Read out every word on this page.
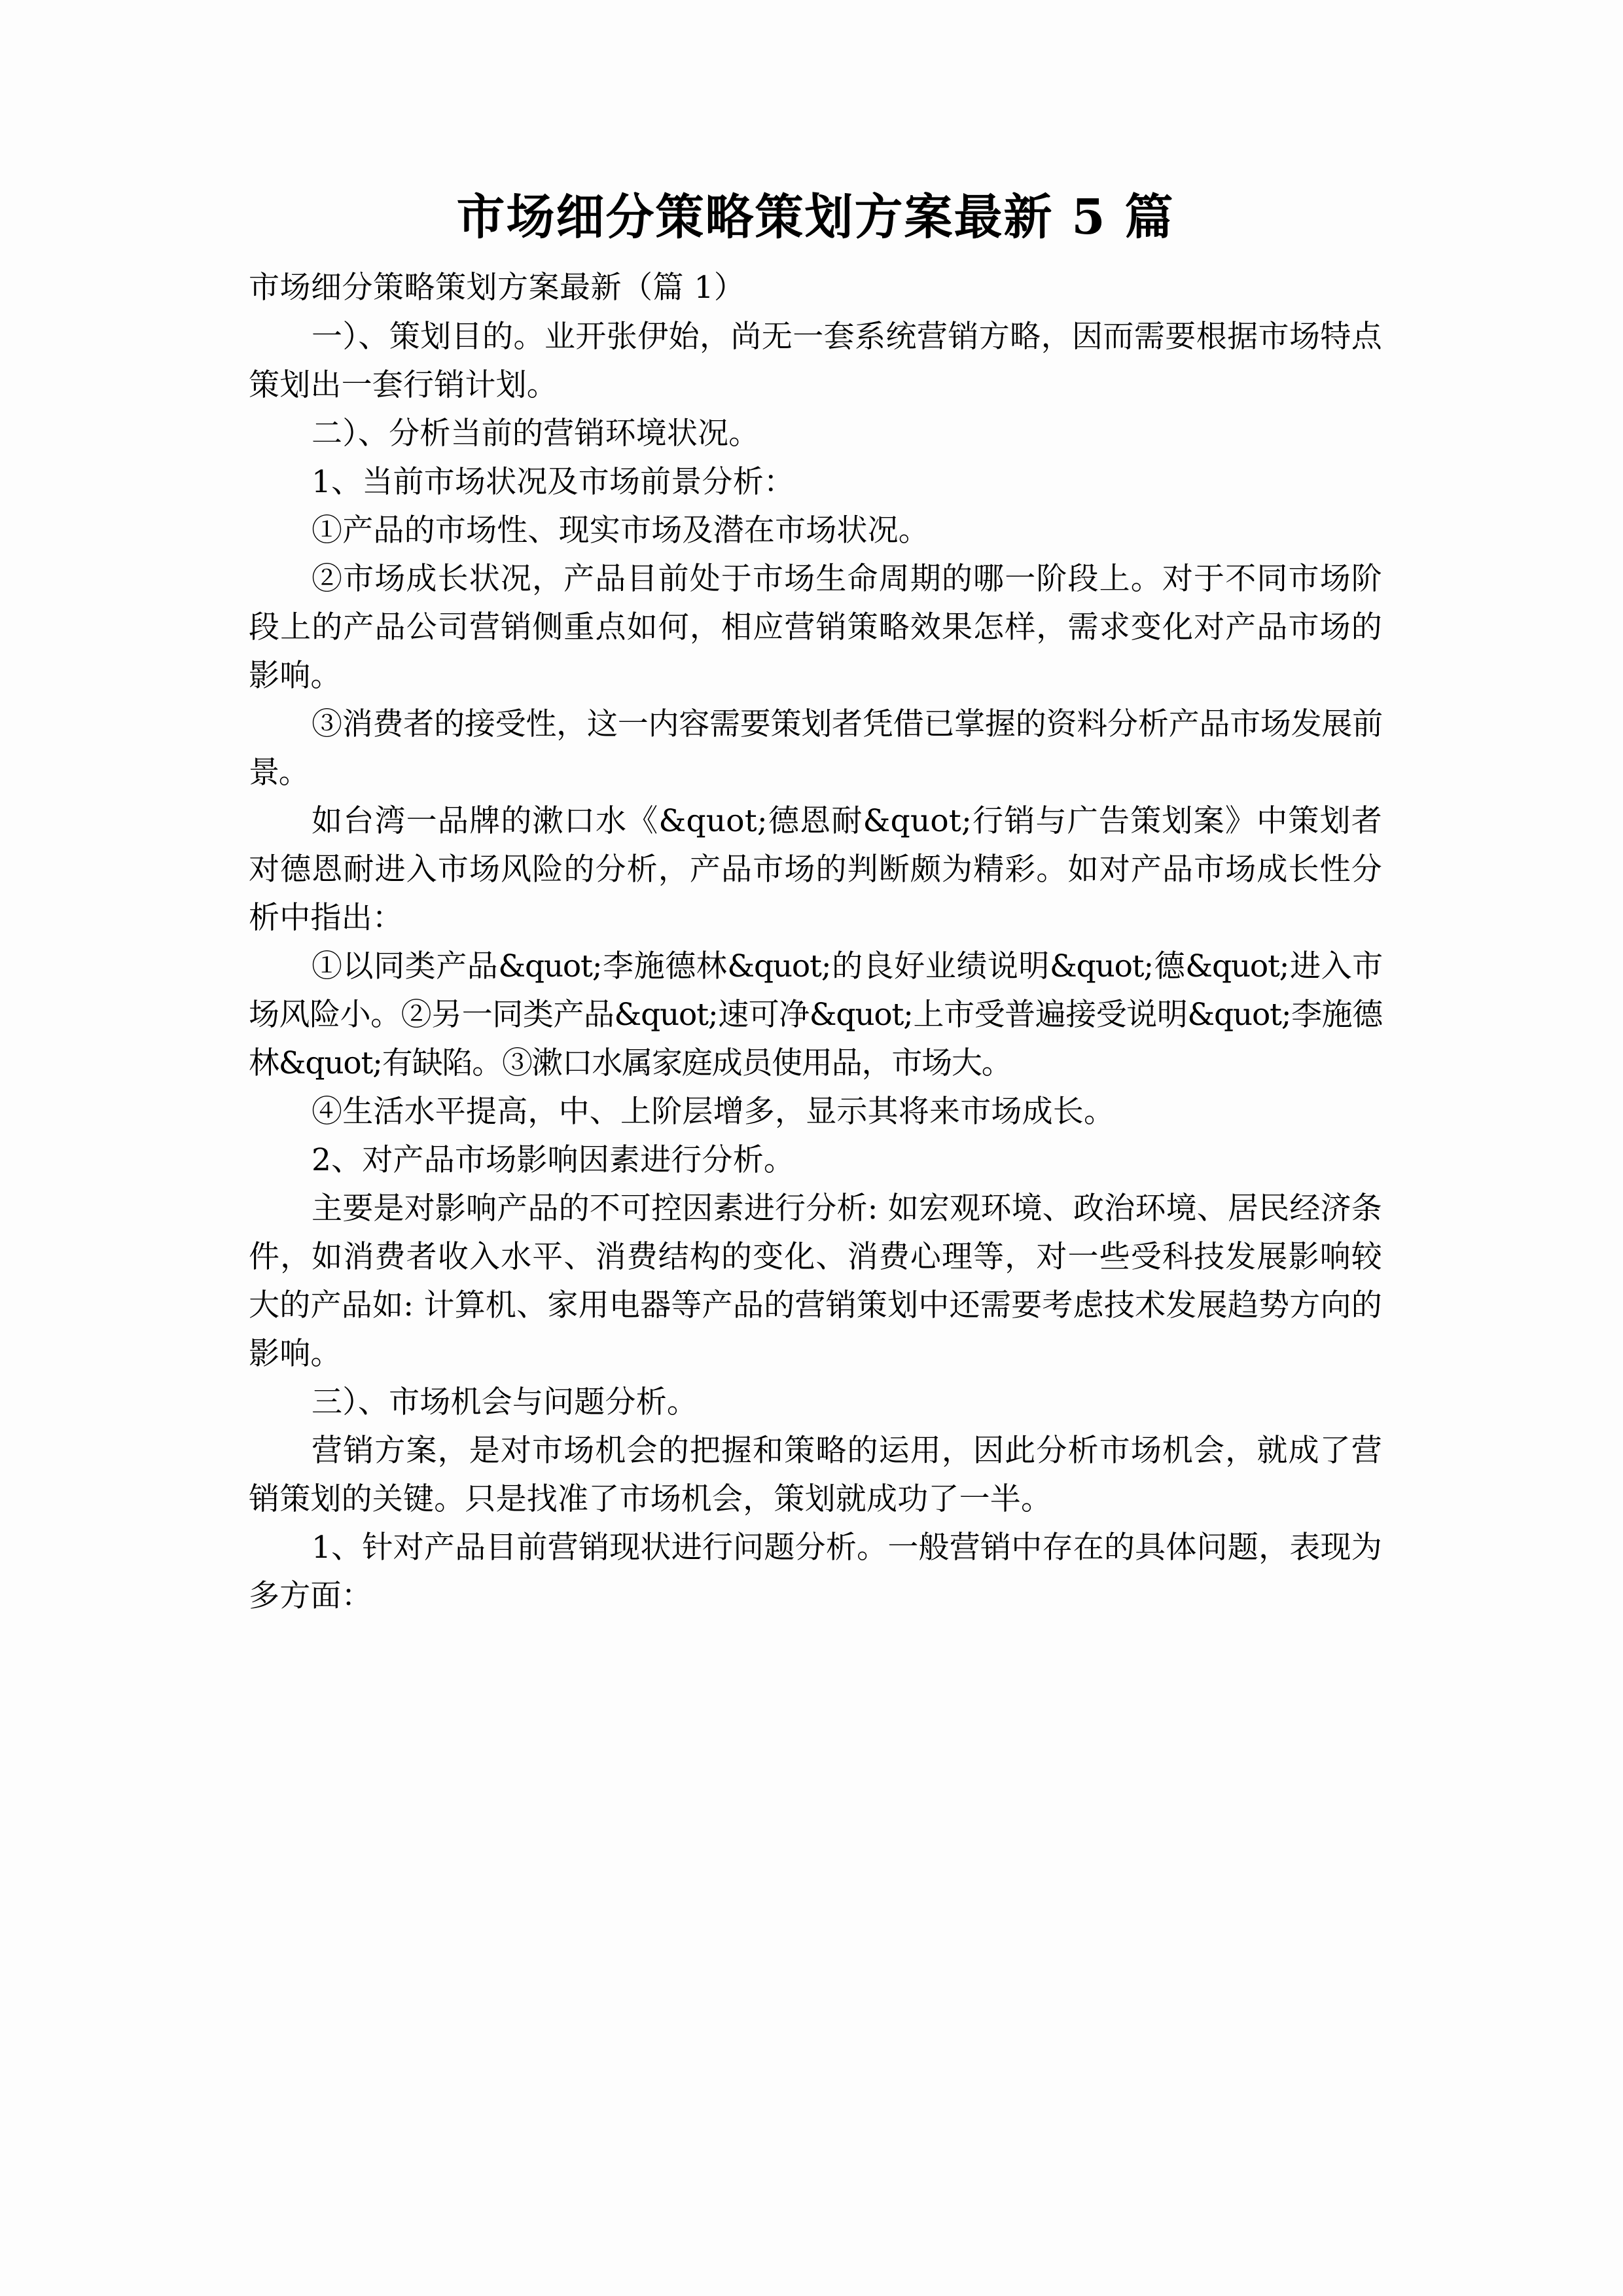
市场细分策略策划方案最新 5 篇
市场细分策略策划方案最新（篇 1）

一）、策划目的。业开张伊始，尚无一套系统营销方略，因而需要根据市场特点策划出一套行销计划。

二）、分析当前的营销环境状况。

1、当前市场状况及市场前景分析：

①产品的市场性、现实市场及潜在市场状况。

②市场成长状况，产品目前处于市场生命周期的哪一阶段上。对于不同市场阶段上的产品公司营销侧重点如何，相应营销策略效果怎样，需求变化对产品市场的影响。

③消费者的接受性，这一内容需要策划者凭借已掌握的资料分析产品市场发展前景。

如台湾一品牌的漱口水《&quot;德恩耐&quot;行销与广告策划案》中策划者对德恩耐进入市场风险的分析，产品市场的判断颇为精彩。如对产品市场成长性分析中指出：

①以同类产品&quot;李施德林&quot;的良好业绩说明&quot;德&quot;进入市场风险小。②另一同类产品&quot;速可净&quot;上市受普遍接受说明&quot;李施德林&quot;有缺陷。③漱口水属家庭成员使用品，市场大。

④生活水平提高，中、上阶层增多，显示其将来市场成长。

2、对产品市场影响因素进行分析。

主要是对影响产品的不可控因素进行分析: 如宏观环境、政治环境、居民经济条件，如消费者收入水平、消费结构的变化、消费心理等，对一些受科技发展影响较大的产品如: 计算机、家用电器等产品的营销策划中还需要考虑技术发展趋势方向的影响。

三）、市场机会与问题分析。

营销方案，是对市场机会的把握和策略的运用，因此分析市场机会，就成了营销策划的关键。只是找准了市场机会，策划就成功了一半。

1、针对产品目前营销现状进行问题分析。一般营销中存在的具体问题，表现为多方面：
